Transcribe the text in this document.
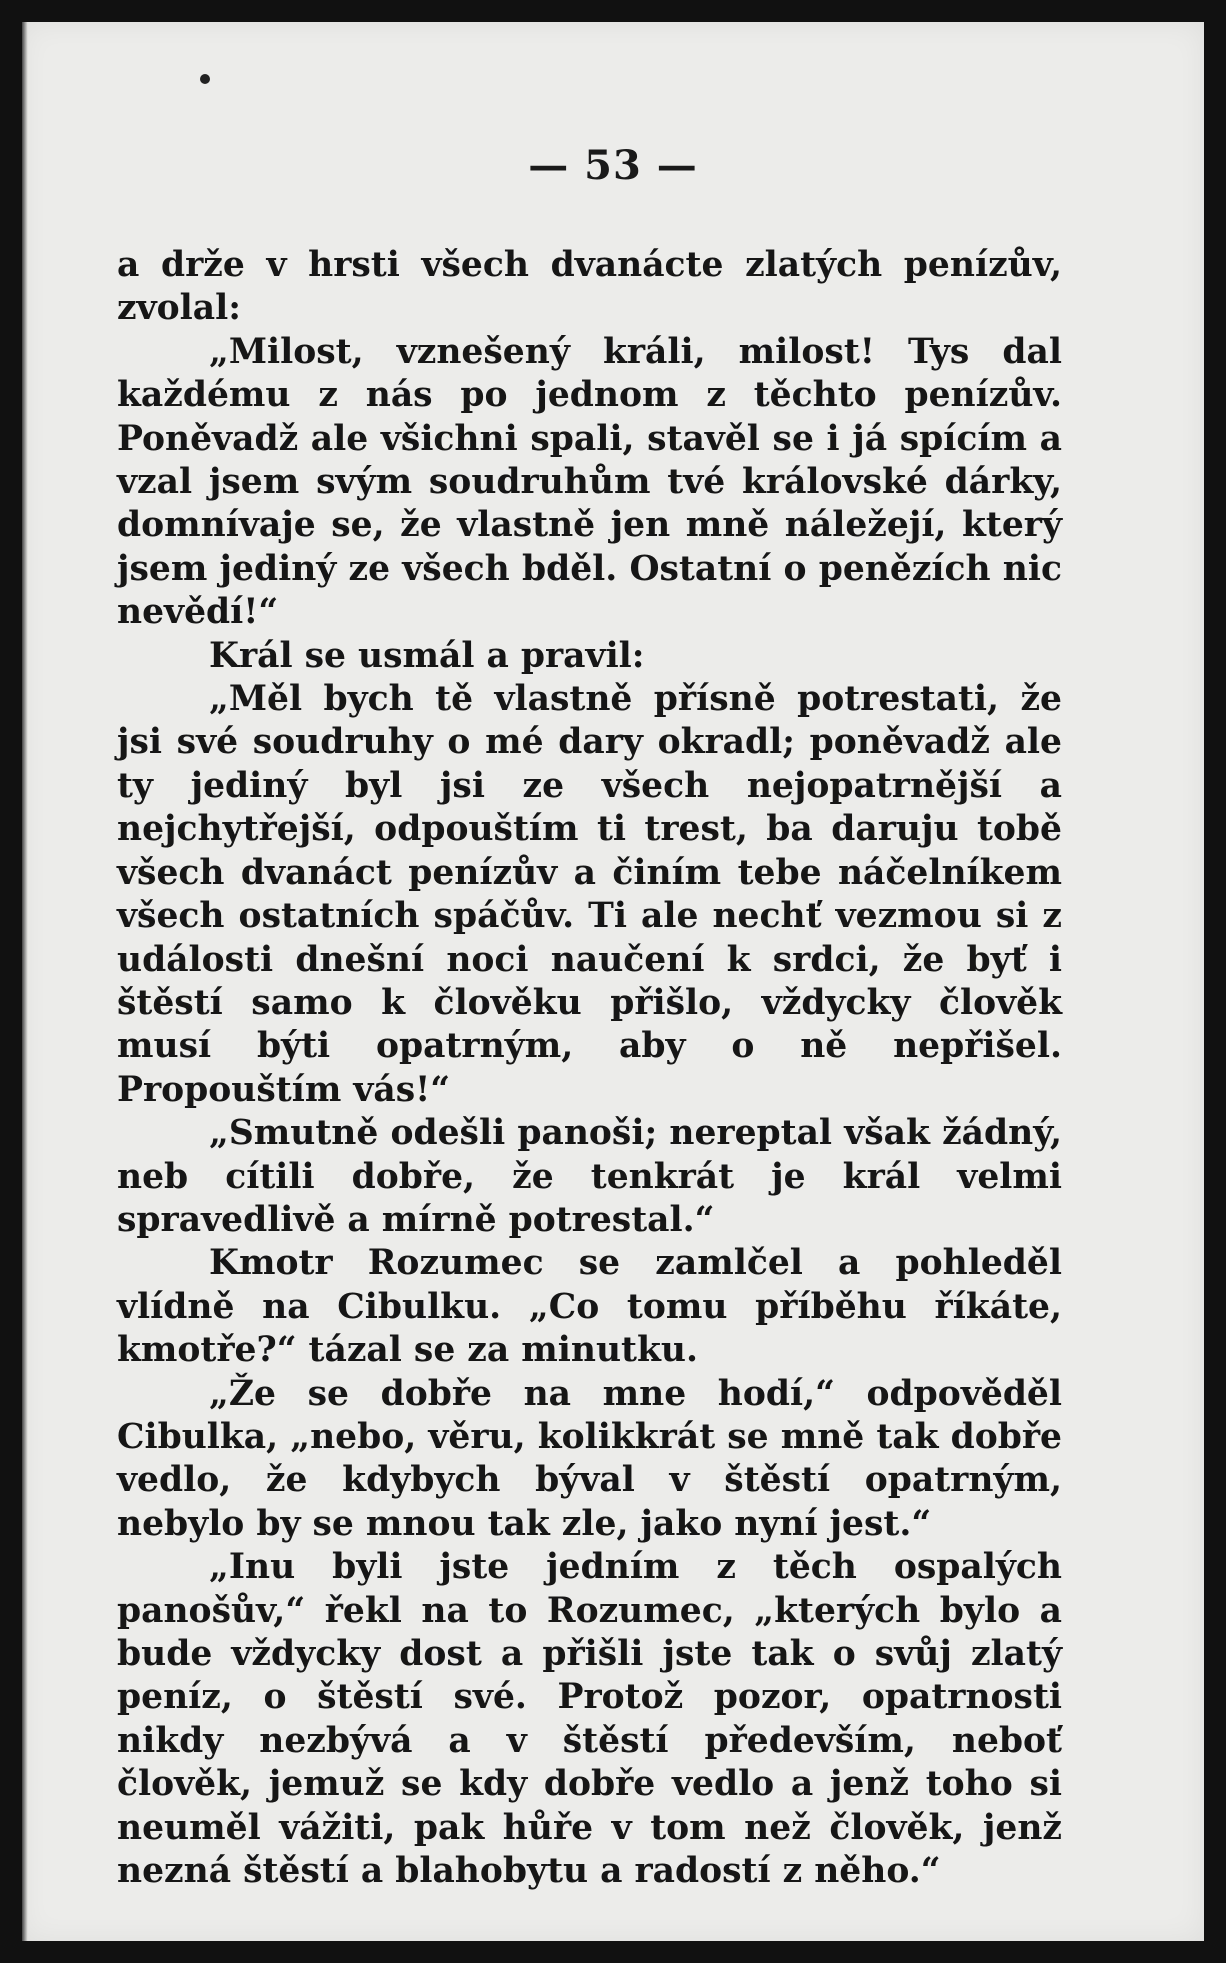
— 53 —

a drže v hrsti všech dvanácte zlatých penízův, zvolal:

„Milost, vznešený králi, milost! Tys dal každému z nás po jednom z těchto penízův. Poněvadž ale všichni spali, stavěl se i já spícím a vzal jsem svým soudruhům tvé královské dárky, domnívaje se, že vlastně jen mně náležejí, který jsem jediný ze všech bděl. Ostatní o penězích nic nevědí!“

Král se usmál a pravil:

„Měl bych tě vlastně přísně potrestati, že jsi své soudruhy o mé dary okradl; poněvadž ale ty jediný byl jsi ze všech nejopatrnější a nejchytřejší, odpouštím ti trest, ba daruju tobě všech dvanáct penízův a činím tebe náčelníkem všech ostatních spáčův. Ti ale nechť vezmou si z události dnešní noci naučení k srdci, že byť i štěstí samo k člověku přišlo, vždycky člověk musí býti opatrným, aby o ně nepřišel. Propouštím vás!“

„Smutně odešli panoši; nereptal však žádný, neb cítili dobře, že tenkrát je král velmi spravedlivě a mírně potrestal.“

Kmotr Rozumec se zamlčel a pohleděl vlídně na Cibulku. „Co tomu příběhu říkáte, kmotře?“ tázal se za minutku.

„Že se dobře na mne hodí,“ odpověděl Cibulka, „nebo, věru, kolikkrát se mně tak dobře vedlo, že kdybych býval v štěstí opatrným, nebylo by se mnou tak zle, jako nyní jest.“

„Inu byli jste jedním z těch ospalých panošův,“ řekl na to Rozumec, „kterých bylo a bude vždycky dost a přišli jste tak o svůj zlatý peníz, o štěstí své. Protož pozor, opatrnosti nikdy nezbývá a v štěstí především, neboť člověk, jemuž se kdy dobře vedlo a jenž toho si neuměl vážiti, pak hůře v tom než člověk, jenž nezná štěstí a blahobytu a radostí z něho.“
